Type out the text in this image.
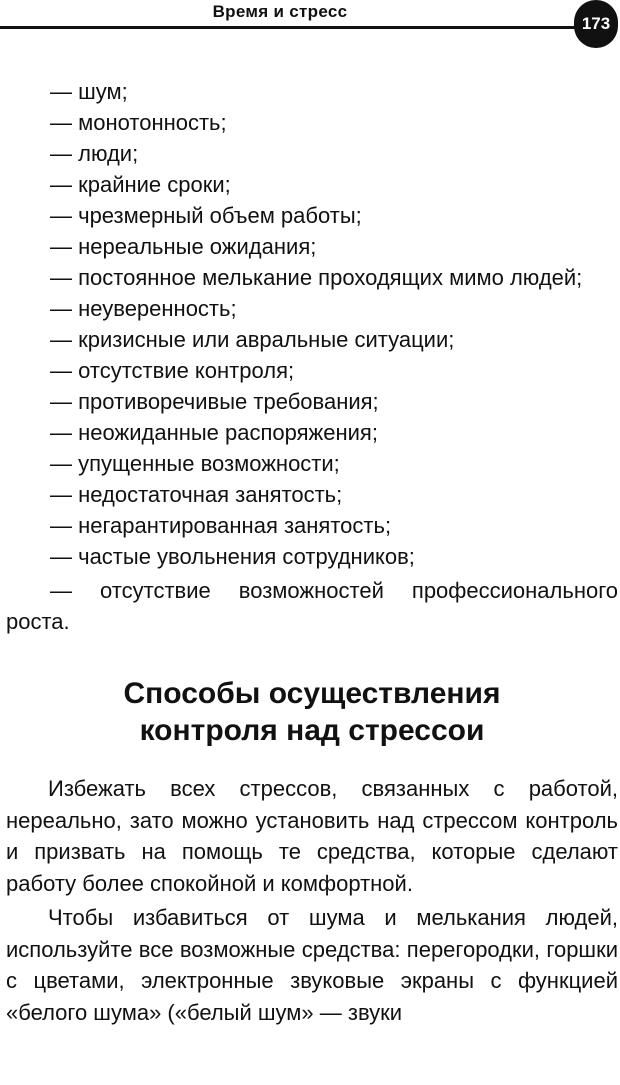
Время и стресс
173
— шум;
— монотонность;
— люди;
— крайние сроки;
— чрезмерный объем работы;
— нереальные ожидания;
— постоянное мелькание проходящих мимо людей;
— неуверенность;
— кризисные или авральные ситуации;
— отсутствие контроля;
— противоречивые требования;
— неожиданные распоряжения;
— упущенные возможности;
— недостаточная занятость;
— негарантированная занятость;
— частые увольнения сотрудников;
— отсутствие возможностей профессионального роста.
Способы осуществления
контроля над стрессои

Избежать всех стрессов, связанных с работой, нереально, зато можно установить над стрессом контроль и призвать на помощь те средства, которые сделают работу более спокойной и комфортной.

Чтобы избавиться от шума и мелькания людей, используйте все возможные средства: перегородки, горшки с цветами, электронные звуковые экраны с функцией «белого шума» («белый шум» — звуки
